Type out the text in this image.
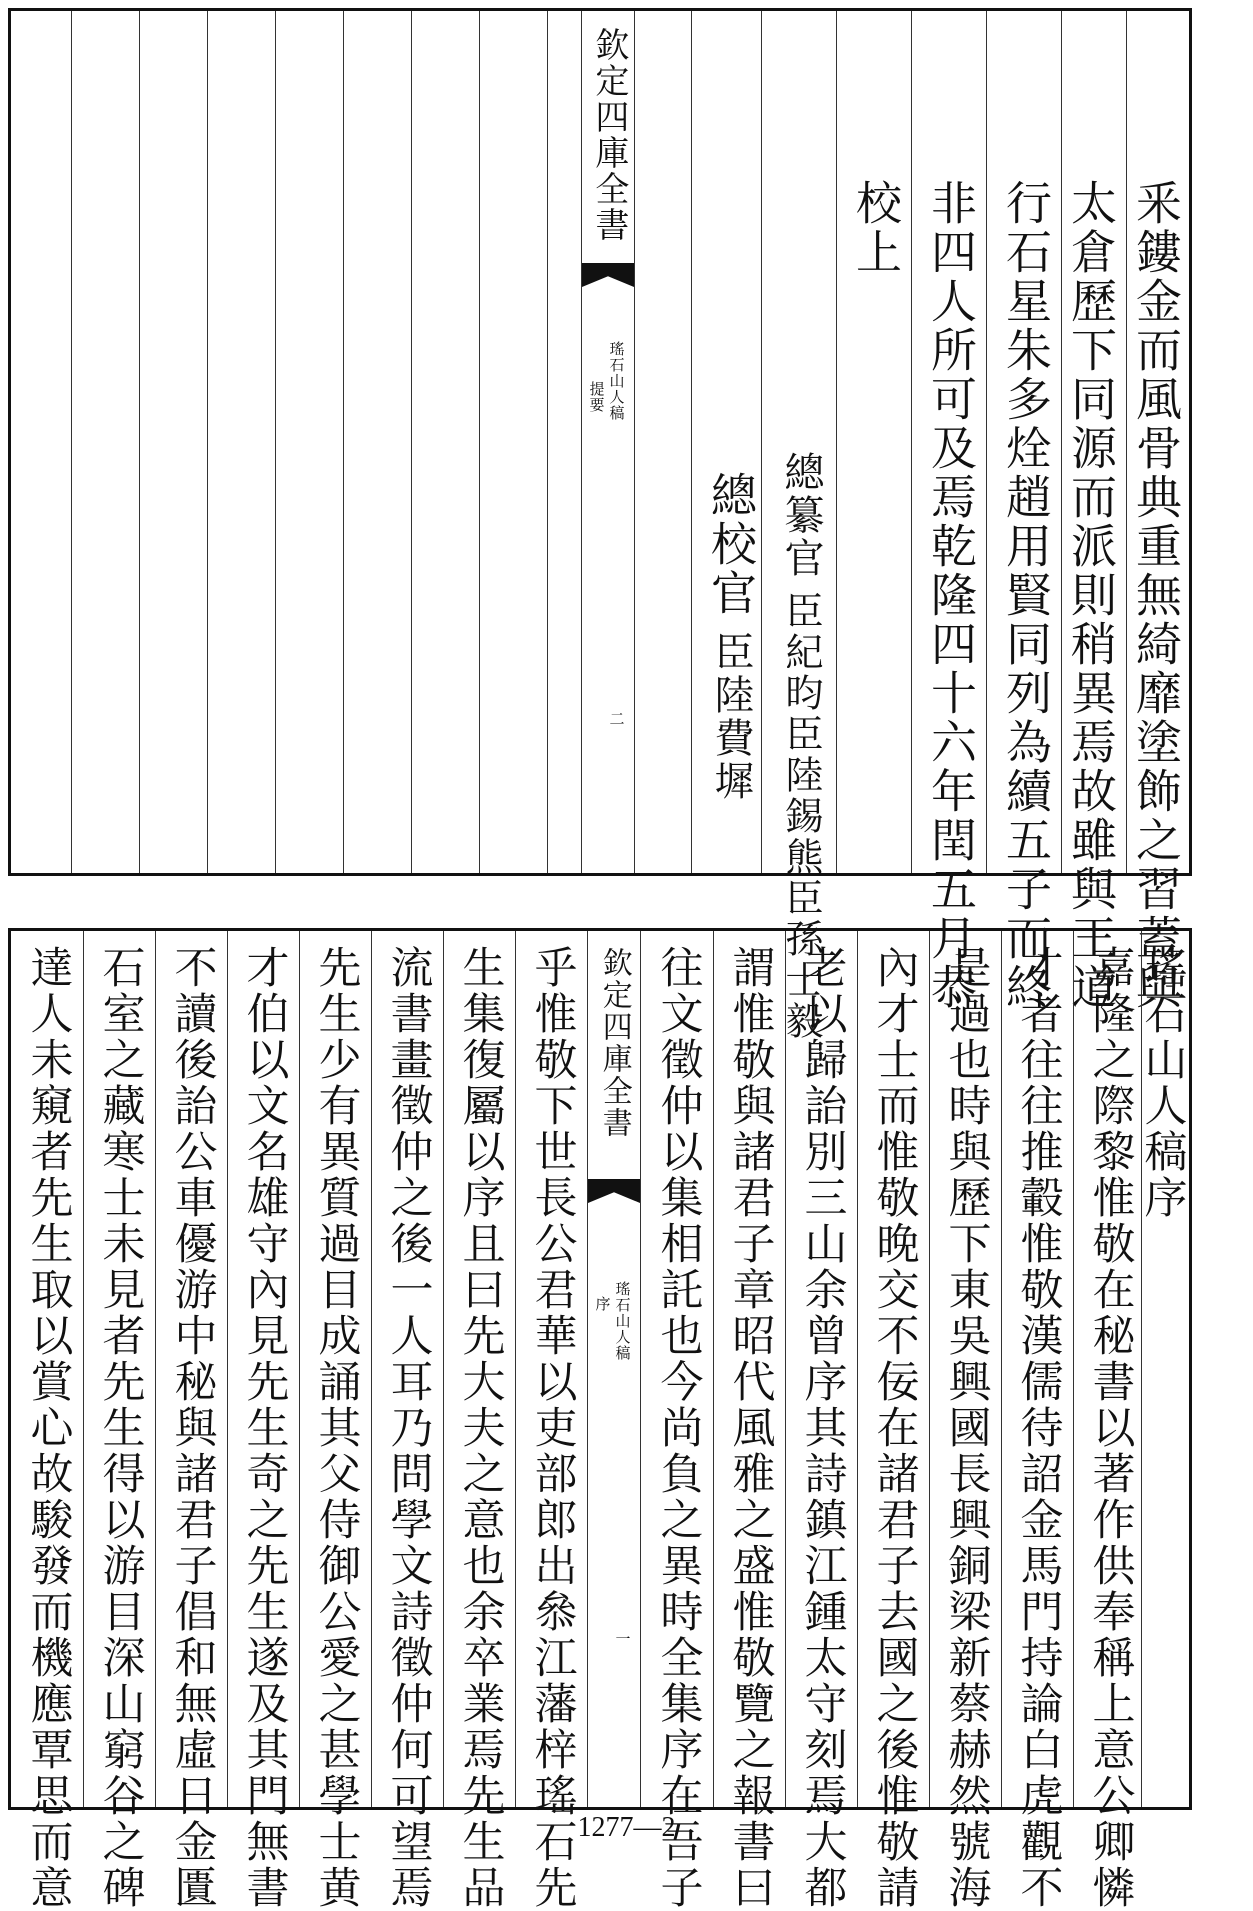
欽定四庫全書
瑤石山人稿
提要
二
總校官
臣陸費墀
總纂官
臣紀昀臣陸錫熊臣孫士毅
校上 非四人所可及焉乾隆四十六年閏五月恭 行石星朱多烇趙用賢同列為續五子而終 太倉歷下同源而派則稍異焉故雖與王道 釆鏤金而風骨典重無綺靡塗飾之習蓋與
達人未窺者先生取以賞心故駿發而機應覃思而意 石室之藏寒士未見者先生得以游目深山窮谷之碑 不讀後詒公車優游中秘與諸君子倡和無虛日金匱 才伯以文名雄守內見先生奇之先生遂及其門無書 先生少有異質過目成誦其父侍御公愛之甚學士黄 流書畫徵仲之後一人耳乃問學文詩徵仲何可望焉 生集復屬以序且曰先大夫之意也余卒業焉先生品 乎惟敬下世長公君華以吏部郎出叅江藩梓瑤石先 欽定四庫全書
瑤石山人稿
序
一 往文徵仲以集相託也今尚負之異時全集序在吾子 謂惟敬與諸君子章昭代風雅之盛惟敬覽之報書曰 老以歸詒別三山余曾序其詩鎮江鍾太守刻焉大都 內才士而惟敬晚交不佞在諸君子去國之後惟敬請 是過也時與歷下東吳興國長興銅梁新蔡赫然號海 才者往往推轂惟敬漢儒待詔金馬門持論白虎觀不 嘉隆之際黎惟敬在秘書以著作供奉稱上意公卿憐 瑤石山人稿序
1277—2
